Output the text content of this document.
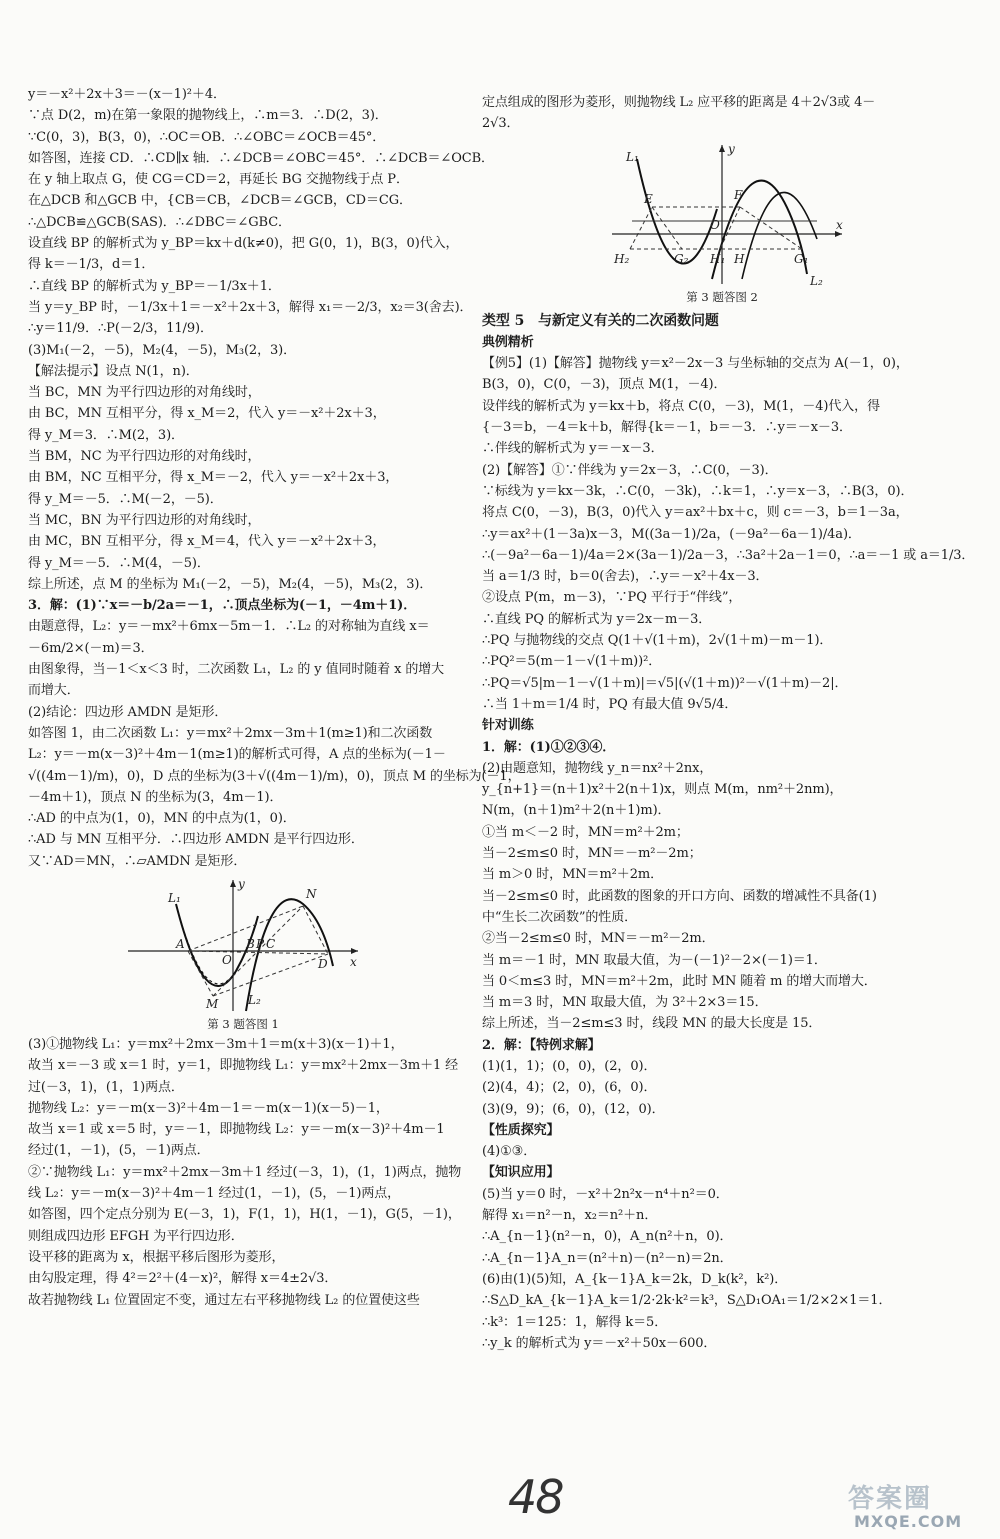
y＝－x²＋2x＋3＝－(x－1)²＋4．
∵点 D(2，m)在第一象限的抛物线上，∴m＝3．∴D(2，3)．
∵C(0，3)，B(3，0)，∴OC＝OB．∴∠OBC＝∠OCB＝45°．
如答图，连接 CD．∴CD∥x 轴．∴∠DCB＝∠OBC＝45°．∴∠DCB＝∠OCB．
在 y 轴上取点 G，使 CG＝CD＝2，再延长 BG 交抛物线于点 P．
在△DCB 和△GCB 中，{CB＝CB，∠DCB＝∠GCB，CD＝CG．
∴△DCB≌△GCB(SAS)．∴∠DBC＝∠GBC．
设直线 BP 的解析式为 y_BP＝kx＋d(k≠0)，把 G(0，1)，B(3，0)代入，
得 k＝－1/3，d＝1．
∴直线 BP 的解析式为 y_BP＝－1/3x＋1．
当 y＝y_BP 时，－1/3x＋1＝－x²＋2x＋3，解得 x₁＝－2/3，x₂＝3(舍去)．
∴y＝11/9．∴P(－2/3，11/9)．
(3)M₁(－2，－5)，M₂(4，－5)，M₃(2，3)．
【解法提示】设点 N(1，n)．
当 BC，MN 为平行四边形的对角线时，
由 BC，MN 互相平分，得 x_M＝2，代入 y＝－x²＋2x＋3，
得 y_M＝3．∴M(2，3)．
当 BM，NC 为平行四边形的对角线时，
由 BM，NC 互相平分，得 x_M＝－2，代入 y＝－x²＋2x＋3，
得 y_M＝－5．∴M(－2，－5)．
当 MC，BN 为平行四边形的对角线时，
由 MC，BN 互相平分，得 x_M＝4，代入 y＝－x²＋2x＋3，
得 y_M＝－5．∴M(4，－5)．
综上所述，点 M 的坐标为 M₁(－2，－5)，M₂(4，－5)，M₃(2，3)．
3．解：(1)∵x＝－b/2a＝－1，∴顶点坐标为(－1，－4m＋1)．
由题意得，L₂：y＝－mx²＋6mx－5m－1．∴L₂ 的对称轴为直线 x＝
－6m/2×(－m)＝3．
由图象得，当－1＜x＜3 时，二次函数 L₁，L₂ 的 y 值同时随着 x 的增大
而增大．
(2)结论：四边形 AMDN 是矩形．
如答图 1，由二次函数 L₁：y＝mx²＋2mx－3m＋1(m≥1)和二次函数
L₂：y＝－m(x－3)²＋4m－1(m≥1)的解析式可得，A 点的坐标为(－1－
√((4m－1)/m)，0)，D 点的坐标为(3＋√((4m－1)/m)，0)，顶点 M 的坐标为(－1，
－4m＋1)，顶点 N 的坐标为(3，4m－1)．
∴AD 的中点为(1，0)，MN 的中点为(1，0)．
∴AD 与 MN 互相平分．∴四边形 AMDN 是平行四边形．
又∵AD＝MN，∴▱AMDN 是矩形．
L₁	N
A
O
B P C
D
M L₂
x
y
第 3 题答图 1
(3)①抛物线 L₁：y＝mx²＋2mx－3m＋1＝m(x＋3)(x－1)＋1，
故当 x＝－3 或 x＝1 时，y＝1，即抛物线 L₁：y＝mx²＋2mx－3m＋1 经
过(－3，1)，(1，1)两点．
抛物线 L₂：y＝－m(x－3)²＋4m－1＝－m(x－1)(x－5)－1，
故当 x＝1 或 x＝5 时，y＝－1，即抛物线 L₂：y＝－m(x－3)²＋4m－1
经过(1，－1)，(5，－1)两点．
②∵抛物线 L₁：y＝mx²＋2mx－3m＋1 经过(－3，1)，(1，1)两点，抛物
线 L₂：y＝－m(x－3)²＋4m－1 经过(1，－1)，(5，－1)两点，
如答图，四个定点分别为 E(－3，1)，F(1，1)，H(1，－1)，G(5，－1)，
则组成四边形 EFGH 为平行四边形．
设平移的距离为 x，根据平移后图形为菱形，
由勾股定理，得 4²＝2²＋(4－x)²，解得 x＝4±2√3．
故若抛物线 L₁ 位置固定不变，通过左右平移抛物线 L₂ 的位置使这些
定点组成的图形为菱形，则抛物线 L₂ 应平移的距离是 4＋2√3或 4－
2√3．
L₁
E	F
O
H₂	G₂ H₁ H	G₁
L₂
x
y
第 3 题答图 2
类型 5　与新定义有关的二次函数问题
典例精析
【例5】(1)【解答】抛物线 y＝x²－2x－3 与坐标轴的交点为 A(－1，0)，
B(3，0)，C(0，－3)，顶点 M(1，－4)．
设伴线的解析式为 y＝kx＋b，将点 C(0，－3)，M(1，－4)代入，得
{－3＝b，－4＝k＋b，解得{k＝－1，b＝－3．∴y＝－x－3．
∴伴线的解析式为 y＝－x－3．
(2)【解答】①∵伴线为 y＝2x－3，∴C(0，－3)．
∵标线为 y＝kx－3k，∴C(0，－3k)，∴k＝1，∴y＝x－3，∴B(3，0)．
将点 C(0，－3)，B(3，0)代入 y＝ax²＋bx＋c，则 c＝－3，b＝1－3a，
∴y＝ax²＋(1－3a)x－3，M((3a－1)/2a，(－9a²－6a－1)/4a)．
∴(－9a²－6a－1)/4a＝2×(3a－1)/2a－3，∴3a²＋2a－1＝0，∴a＝－1 或 a＝1/3．
当 a＝1/3 时，b＝0(舍去)，∴y＝－x²＋4x－3．
②设点 P(m，m－3)，∵PQ 平行于“伴线”，
∴直线 PQ 的解析式为 y＝2x－m－3．
∴PQ 与抛物线的交点 Q(1＋√(1＋m)，2√(1＋m)－m－1)．
∴PQ²＝5(m－1－√(1＋m))²．
∴PQ＝√5|m－1－√(1＋m)|＝√5|(√(1＋m))²－√(1＋m)－2|．
∴当 1＋m＝1/4 时，PQ 有最大值 9√5/4．
针对训练
1．解：(1)①②③④．
(2)由题意知，抛物线 y_n＝nx²＋2nx，
y_{n+1}＝(n＋1)x²＋2(n＋1)x，则点 M(m，nm²＋2nm)，
N(m，(n＋1)m²＋2(n＋1)m)．
①当 m＜－2 时，MN＝m²＋2m；
当－2≤m≤0 时，MN＝－m²－2m；
当 m＞0 时，MN＝m²＋2m．
当－2≤m≤0 时，此函数的图象的开口方向、函数的增减性不具备(1)
中“生长二次函数”的性质．
②当－2≤m≤0 时，MN＝－m²－2m．
当 m＝－1 时，MN 取最大值，为－(－1)²－2×(－1)＝1．
当 0＜m≤3 时，MN＝m²＋2m，此时 MN 随着 m 的增大而增大．
当 m＝3 时，MN 取最大值，为 3²＋2×3＝15．
综上所述，当－2≤m≤3 时，线段 MN 的最大长度是 15．
2．解：【特例求解】
(1)(1，1)；(0，0)，(2，0)．
(2)(4，4)；(2，0)，(6，0)．
(3)(9，9)；(6，0)，(12，0)．
【性质探究】
(4)①③．
【知识应用】
(5)当 y＝0 时，－x²＋2n²x－n⁴＋n²＝0．
解得 x₁＝n²－n，x₂＝n²＋n．
∴A_{n－1}(n²－n，0)，A_n(n²＋n，0)．
∴A_{n－1}A_n＝(n²＋n)－(n²－n)＝2n．
(6)由(1)(5)知，A_{k－1}A_k＝2k，D_k(k²，k²)．
∴S△D_kA_{k－1}A_k＝1/2·2k·k²＝k³，S△D₁OA₁＝1/2×2×1＝1．
∴k³：1＝125：1，解得 k＝5．
∴y_k 的解析式为 y＝－x²＋50x－600．
48	答案圈
MXQE.COM
